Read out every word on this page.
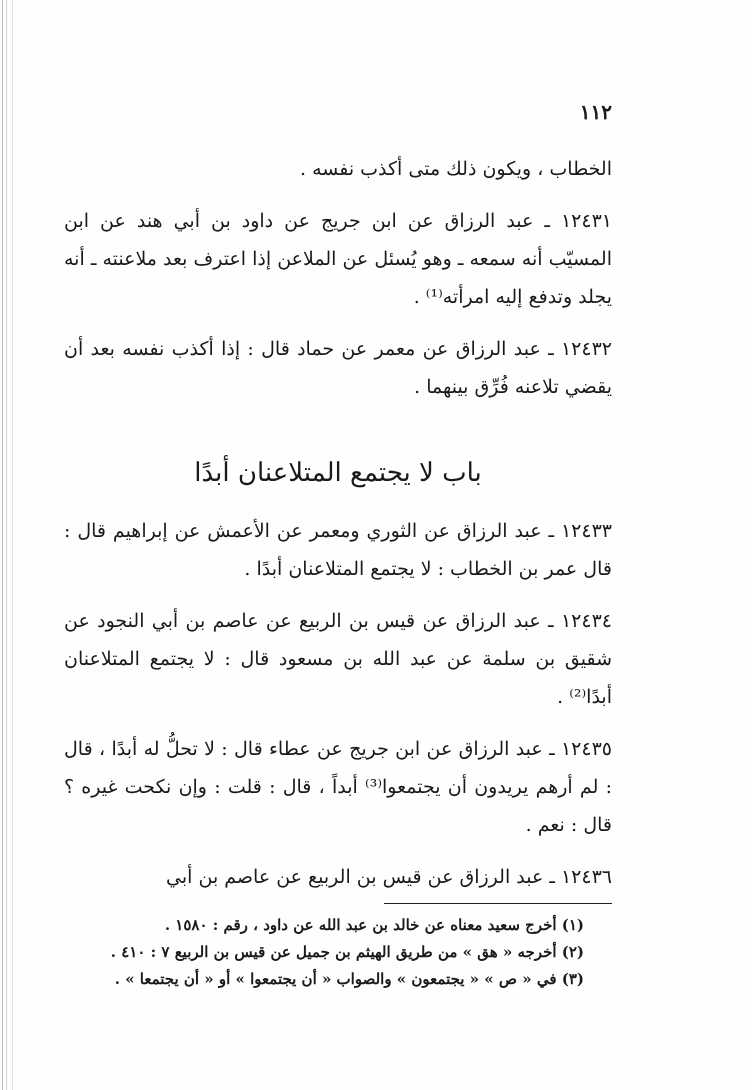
١١٢

الخطاب ، ويكون ذلك متى أكذب نفسه .

١٢٤٣١ ـ عبد الرزاق عن ابن جريج عن داود بن أبي هند عن ابن المسيّب أنه سمعه ـ وهو يُسئل عن الملاعن إذا اعترف بعد ملاعنته ـ أنه يجلد وتدفع إليه امرأته⁽¹⁾ .

١٢٤٣٢ ـ عبد الرزاق عن معمر عن حماد قال : إذا أكذب نفسه بعد أن يقضي تلاعنه فُرِّق بينهما .

باب لا يجتمع المتلاعنان أبدًا

١٢٤٣٣ ـ عبد الرزاق عن الثوري ومعمر عن الأعمش عن إبراهيم قال : قال عمر بن الخطاب : لا يجتمع المتلاعنان أبدًا .

١٢٤٣٤ ـ عبد الرزاق عن قيس بن الربيع عن عاصم بن أبي النجود عن شقيق بن سلمة عن عبد الله بن مسعود قال : لا يجتمع المتلاعنان أبدًا⁽²⁾ .

١٢٤٣٥ ـ عبد الرزاق عن ابن جريج عن عطاء قال : لا تحلُّ له أبدًا ، قال : لم أرهم يريدون أن يجتمعوا⁽³⁾ أبداً ، قال : قلت : وإن نكحت غيره ؟ قال : نعم .

١٢٤٣٦ ـ عبد الرزاق عن قيس بن الربيع عن عاصم بن أبي

(١) أخرج سعيد معناه عن خالد بن عبد الله عن داود ، رقم : ١٥٨٠ .

(٢) أخرجه « هق » من طريق الهيثم بن جميل عن قيس بن الربيع ٧ : ٤١٠ .

(٣) في « ص » « يجتمعون » والصواب « أن يجتمعوا » أو « أن يجتمعا » .
